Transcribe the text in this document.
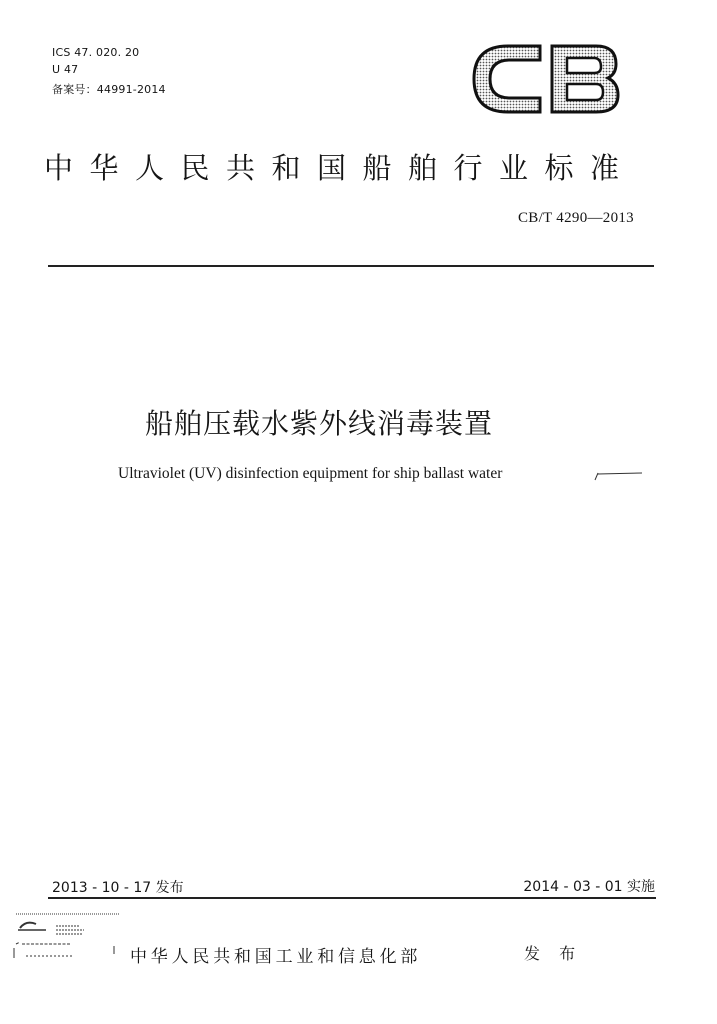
ICS 47. 020. 20
U 47
备案号：44991-2014
中华人民共和国船舶行业标准
CB/T 4290—2013
船舶压载水紫外线消毒装置
Ultraviolet (UV) disinfection equipment for ship ballast water
2013 - 10 - 17 发布	2014 - 03 - 01 实施
中华人民共和国工业和信息化部	发 布
